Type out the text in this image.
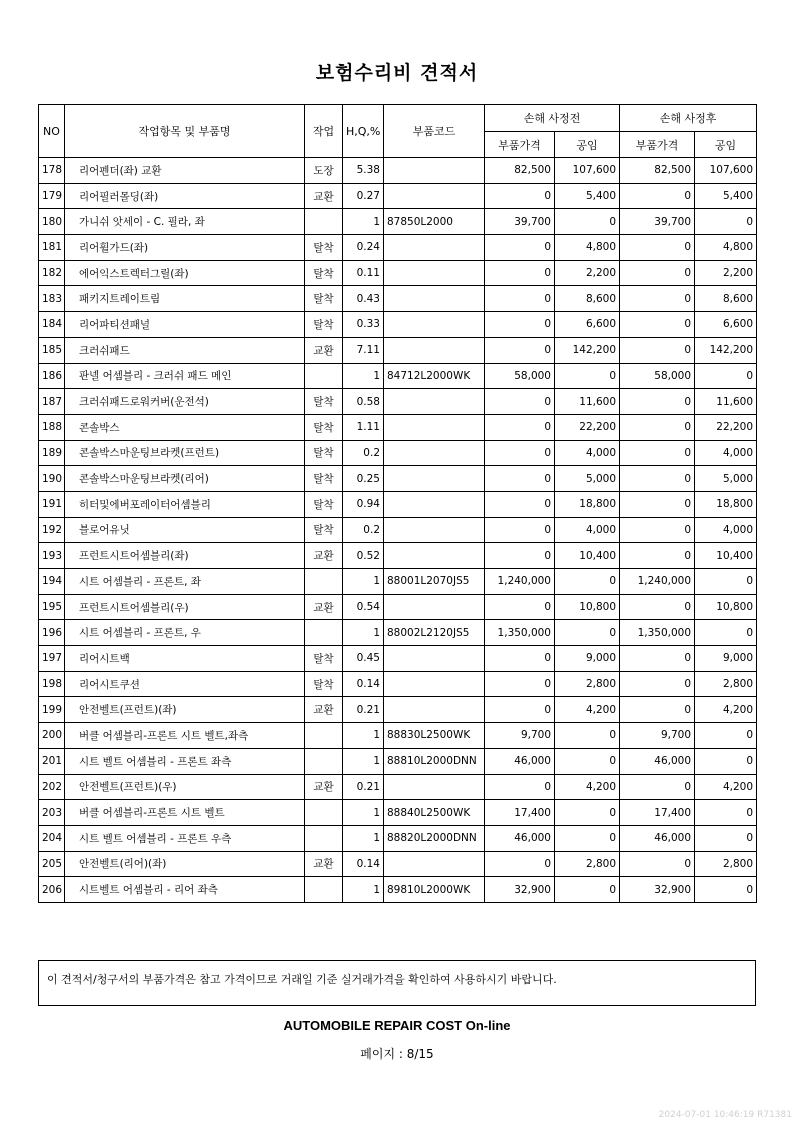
보험수리비 견적서
NO	작업항목 및 부품명	작업	H,Q,%	부품코드	손해 사정전		손해 사정후	
					부품가격	공임	부품가격	공임
178	리어펜더(좌) 교환	도장	5.38		82,500	107,600	82,500	107,600
179	리어필러몰딩(좌)	교환	0.27		0	5,400	0	5,400
180	가니쉬 앗세이 - C. 필라, 좌		1	87850L2000	39,700	0	39,700	0
181	리어휠가드(좌)	탈착	0.24		0	4,800	0	4,800
182	에어익스트렉터그릴(좌)	탈착	0.11		0	2,200	0	2,200
183	패키지트레이트림	탈착	0.43		0	8,600	0	8,600
184	리어파티션패널	탈착	0.33		0	6,600	0	6,600
185	크러쉬패드	교환	7.11		0	142,200	0	142,200
186	판넬 어셈블리 - 크러쉬 패드 메인		1	84712L2000WK	58,000	0	58,000	0
187	크러쉬패드로워커버(운전석)	탈착	0.58		0	11,600	0	11,600
188	콘솔박스	탈착	1.11		0	22,200	0	22,200
189	콘솔박스마운팅브라켓(프런트)	탈착	0.2		0	4,000	0	4,000
190	콘솔박스마운팅브라켓(리어)	탈착	0.25		0	5,000	0	5,000
191	히터및에버포레이터어셈블리	탈착	0.94		0	18,800	0	18,800
192	블로어유닛	탈착	0.2		0	4,000	0	4,000
193	프런트시트어셈블리(좌)	교환	0.52		0	10,400	0	10,400
194	시트 어셈블리 - 프론트, 좌		1	88001L2070JS5	1,240,000	0	1,240,000	0
195	프런트시트어셈블리(우)	교환	0.54		0	10,800	0	10,800
196	시트 어셈블리 - 프론트, 우		1	88002L2120JS5	1,350,000	0	1,350,000	0
197	리어시트백	탈착	0.45		0	9,000	0	9,000
198	리어시트쿠션	탈착	0.14		0	2,800	0	2,800
199	안전벨트(프런트)(좌)	교환	0.21		0	4,200	0	4,200
200	버클 어셈블리-프론트 시트 벨트,좌측		1	88830L2500WK	9,700	0	9,700	0
201	시트 벨트 어셈블리 - 프론트 좌측		1	88810L2000DNN	46,000	0	46,000	0
202	안전벨트(프런트)(우)	교환	0.21		0	4,200	0	4,200
203	버클 어셈블리-프론트 시트 벨트		1	88840L2500WK	17,400	0	17,400	0
204	시트 벨트 어셈블리 - 프론트 우측		1	88820L2000DNN	46,000	0	46,000	0
205	안전벨트(리어)(좌)	교환	0.14		0	2,800	0	2,800
206	시트벨트 어셈블리 - 리어 좌측		1	89810L2000WK	32,900	0	32,900	0
이 견적서/청구서의 부품가격은 참고 가격이므로 거래일 기준 실거래가격을 확인하여 사용하시기 바랍니다.
AUTOMOBILE REPAIR COST On-line
페이지 : 8/15
2024-07-01 10:46:19 R71381
